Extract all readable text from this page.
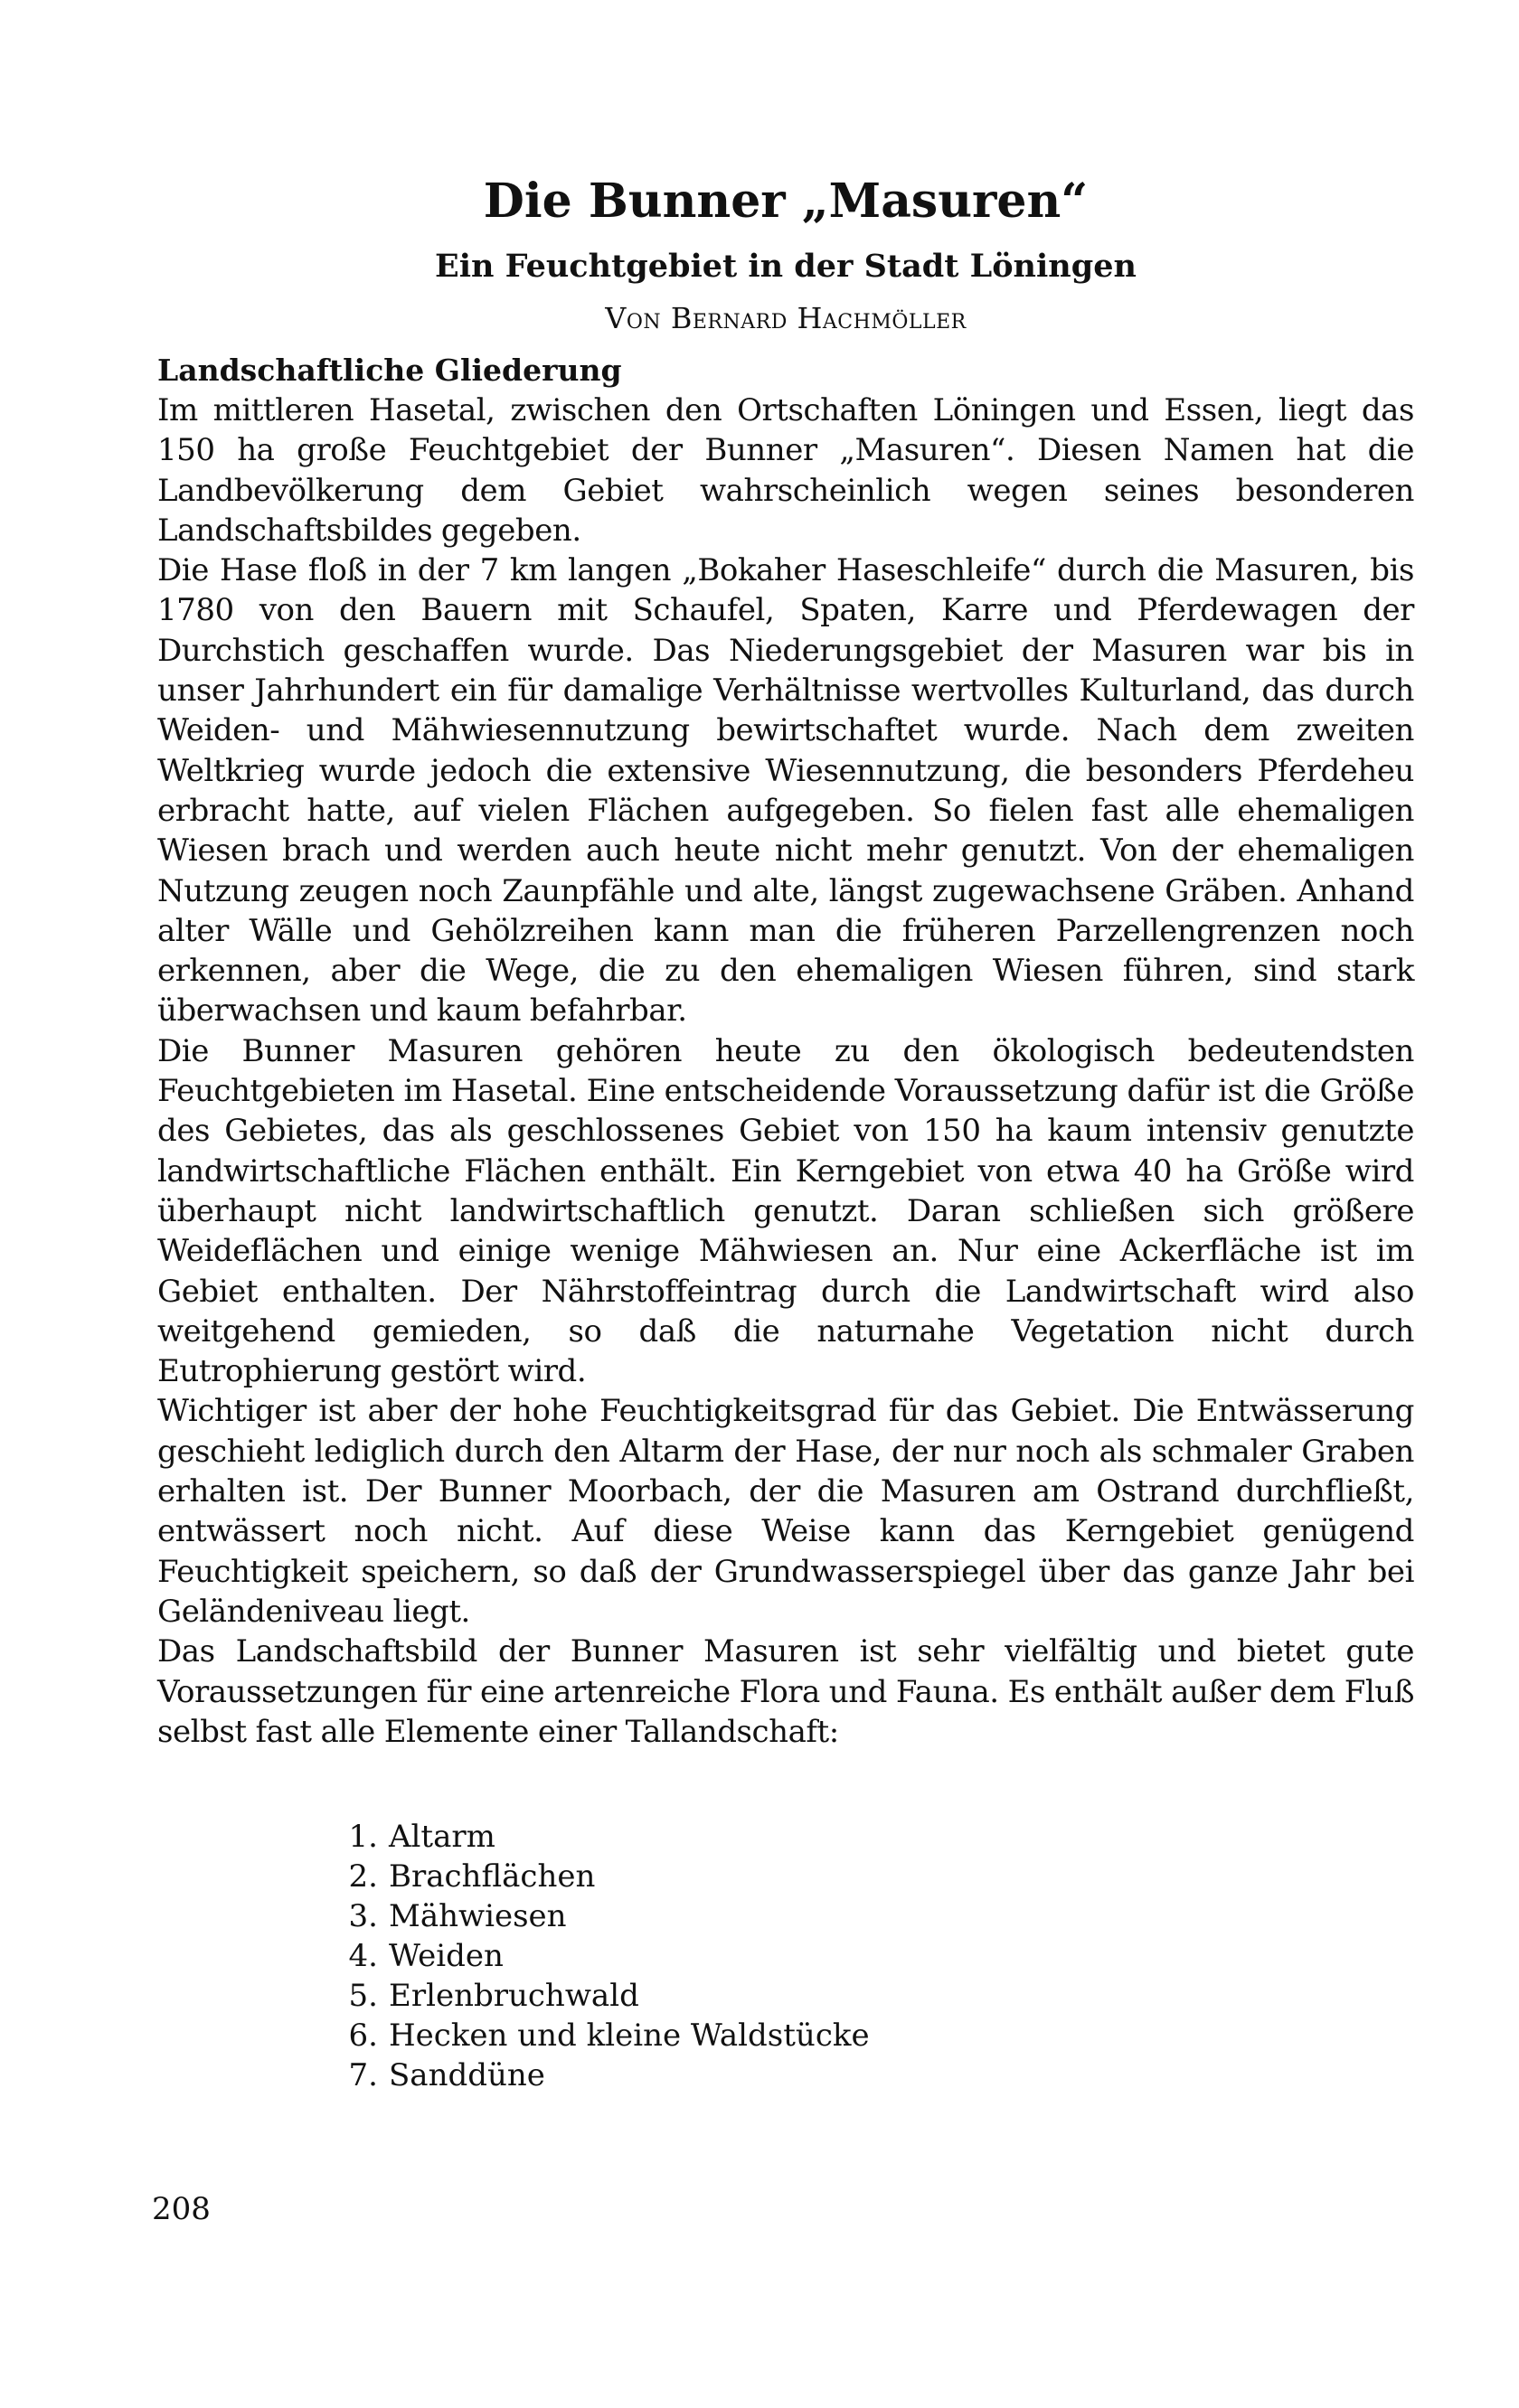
Die Bunner „Masuren“
Ein Feuchtgebiet in der Stadt Löningen
Von Bernard Hachmöller
Landschaftliche Gliederung

Im mittleren Hasetal, zwischen den Ortschaften Löningen und Essen, liegt das 150 ha große Feuchtgebiet der Bunner „Masuren“. Diesen Namen hat die Landbevölkerung dem Gebiet wahrscheinlich wegen seines besonderen Landschaftsbildes gegeben.

Die Hase floß in der 7 km langen „Bokaher Haseschleife“ durch die Masuren, bis 1780 von den Bauern mit Schaufel, Spaten, Karre und Pferdewagen der Durchstich geschaffen wurde. Das Niederungsgebiet der Masuren war bis in unser Jahrhundert ein für damalige Verhältnisse wertvolles Kulturland, das durch Weiden- und Mähwiesennutzung bewirtschaftet wurde. Nach dem zweiten Weltkrieg wurde jedoch die extensive Wiesennutzung, die besonders Pferdeheu erbracht hatte, auf vielen Flächen aufgegeben. So fielen fast alle ehemaligen Wiesen brach und werden auch heute nicht mehr genutzt. Von der ehemaligen Nutzung zeugen noch Zaunpfähle und alte, längst zugewachsene Gräben. Anhand alter Wälle und Gehölzreihen kann man die früheren Parzellengrenzen noch erkennen, aber die Wege, die zu den ehemaligen Wiesen führen, sind stark überwachsen und kaum befahrbar.

Die Bunner Masuren gehören heute zu den ökologisch bedeutendsten Feuchtgebieten im Hasetal. Eine entscheidende Voraussetzung dafür ist die Größe des Gebietes, das als geschlossenes Gebiet von 150 ha kaum intensiv genutzte landwirtschaftliche Flächen enthält. Ein Kerngebiet von etwa 40 ha Größe wird überhaupt nicht landwirtschaftlich genutzt. Daran schließen sich größere Weideflächen und einige wenige Mähwiesen an. Nur eine Ackerfläche ist im Gebiet enthalten. Der Nährstoffeintrag durch die Landwirtschaft wird also weitgehend gemieden, so daß die naturnahe Vegetation nicht durch Eutrophierung gestört wird.

Wichtiger ist aber der hohe Feuchtigkeitsgrad für das Gebiet. Die Entwässerung geschieht lediglich durch den Altarm der Hase, der nur noch als schmaler Graben erhalten ist. Der Bunner Moorbach, der die Masuren am Ostrand durchfließt, entwässert noch nicht. Auf diese Weise kann das Kerngebiet genügend Feuchtigkeit speichern, so daß der Grundwasserspiegel über das ganze Jahr bei Geländeniveau liegt.

Das Landschaftsbild der Bunner Masuren ist sehr vielfältig und bietet gute Voraussetzungen für eine artenreiche Flora und Fauna. Es enthält außer dem Fluß selbst fast alle Elemente einer Tallandschaft:

1. Altarm
2. Brachflächen
3. Mähwiesen
4. Weiden
5. Erlenbruchwald
6. Hecken und kleine Waldstücke
7. Sanddüne
208
